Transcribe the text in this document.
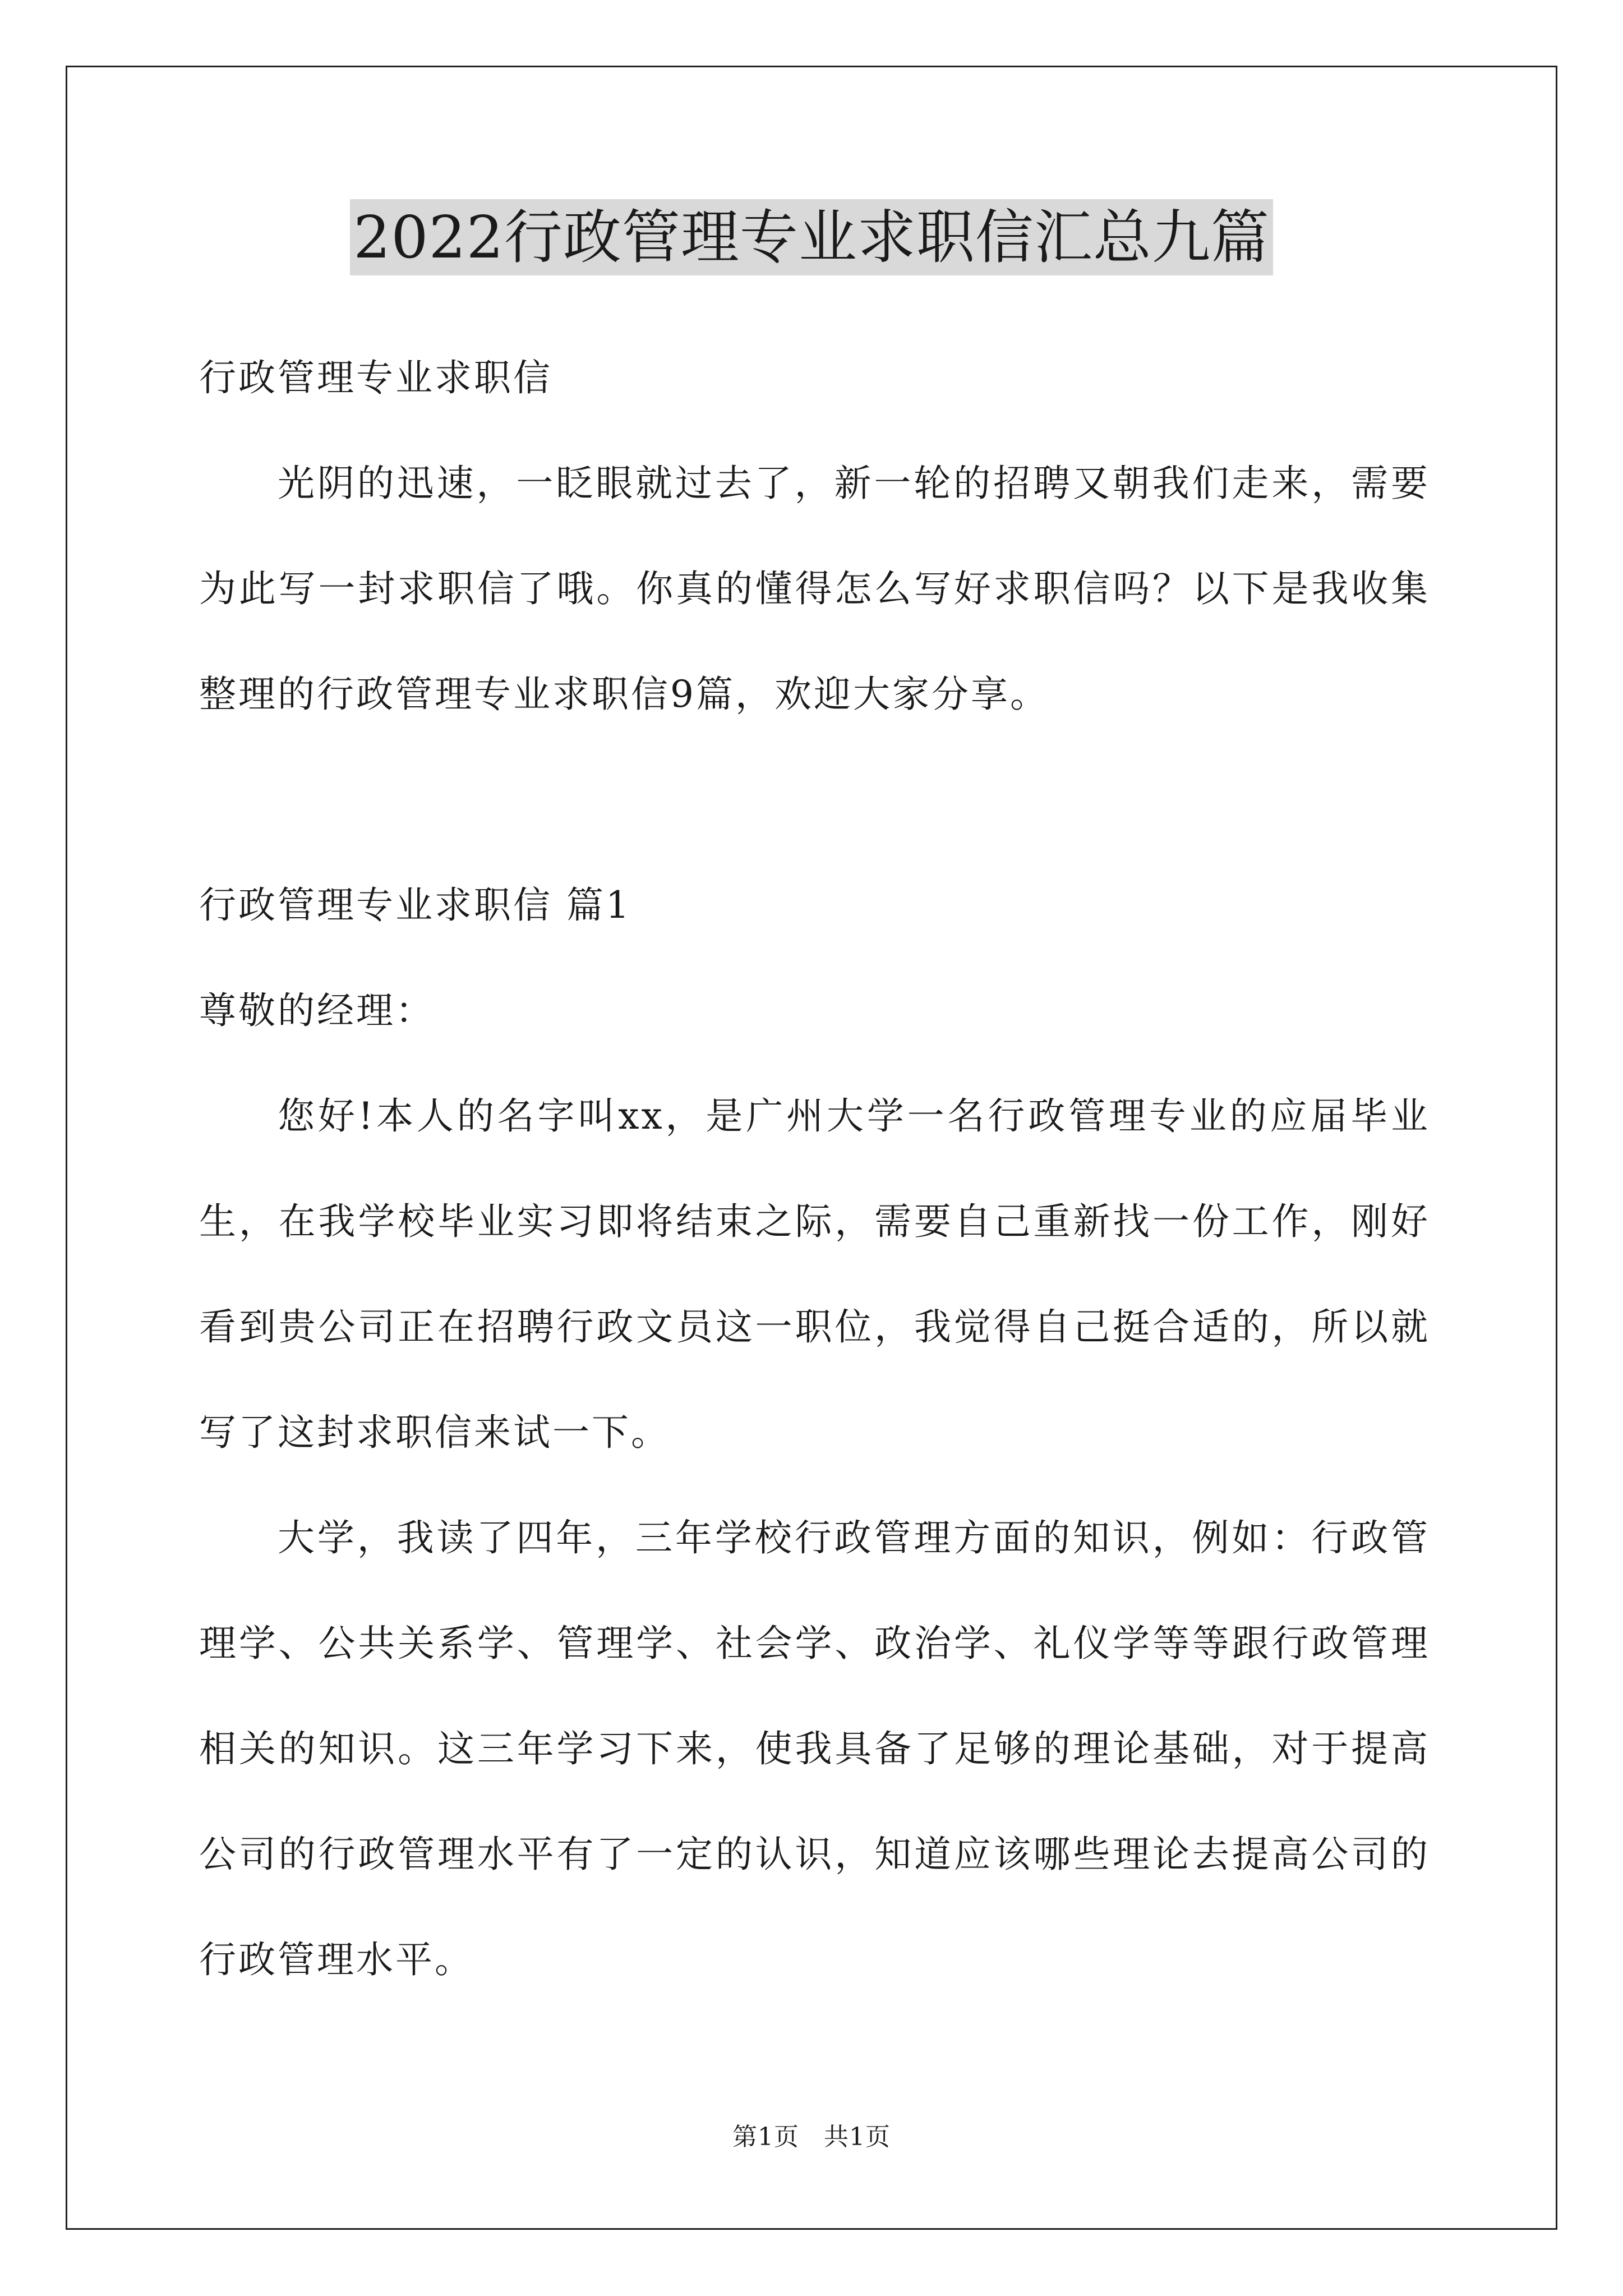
2022行政管理专业求职信汇总九篇

行政管理专业求职信

光阴的迅速，一眨眼就过去了，新一轮的招聘又朝我们走来，需要为此写一封求职信了哦。你真的懂得怎么写好求职信吗？以下是我收集整理的行政管理专业求职信9篇，欢迎大家分享。

行政管理专业求职信 篇1

尊敬的经理：

您好!本人的名字叫xx，是广州大学一名行政管理专业的应届毕业生，在我学校毕业实习即将结束之际，需要自己重新找一份工作，刚好看到贵公司正在招聘行政文员这一职位，我觉得自己挺合适的，所以就写了这封求职信来试一下。

大学，我读了四年，三年学校行政管理方面的知识，例如：行政管理学、公共关系学、管理学、社会学、政治学、礼仪学等等跟行政管理相关的知识。这三年学习下来，使我具备了足够的理论基础，对于提高公司的行政管理水平有了一定的认识，知道应该哪些理论去提高公司的行政管理水平。

第1页 共1页
